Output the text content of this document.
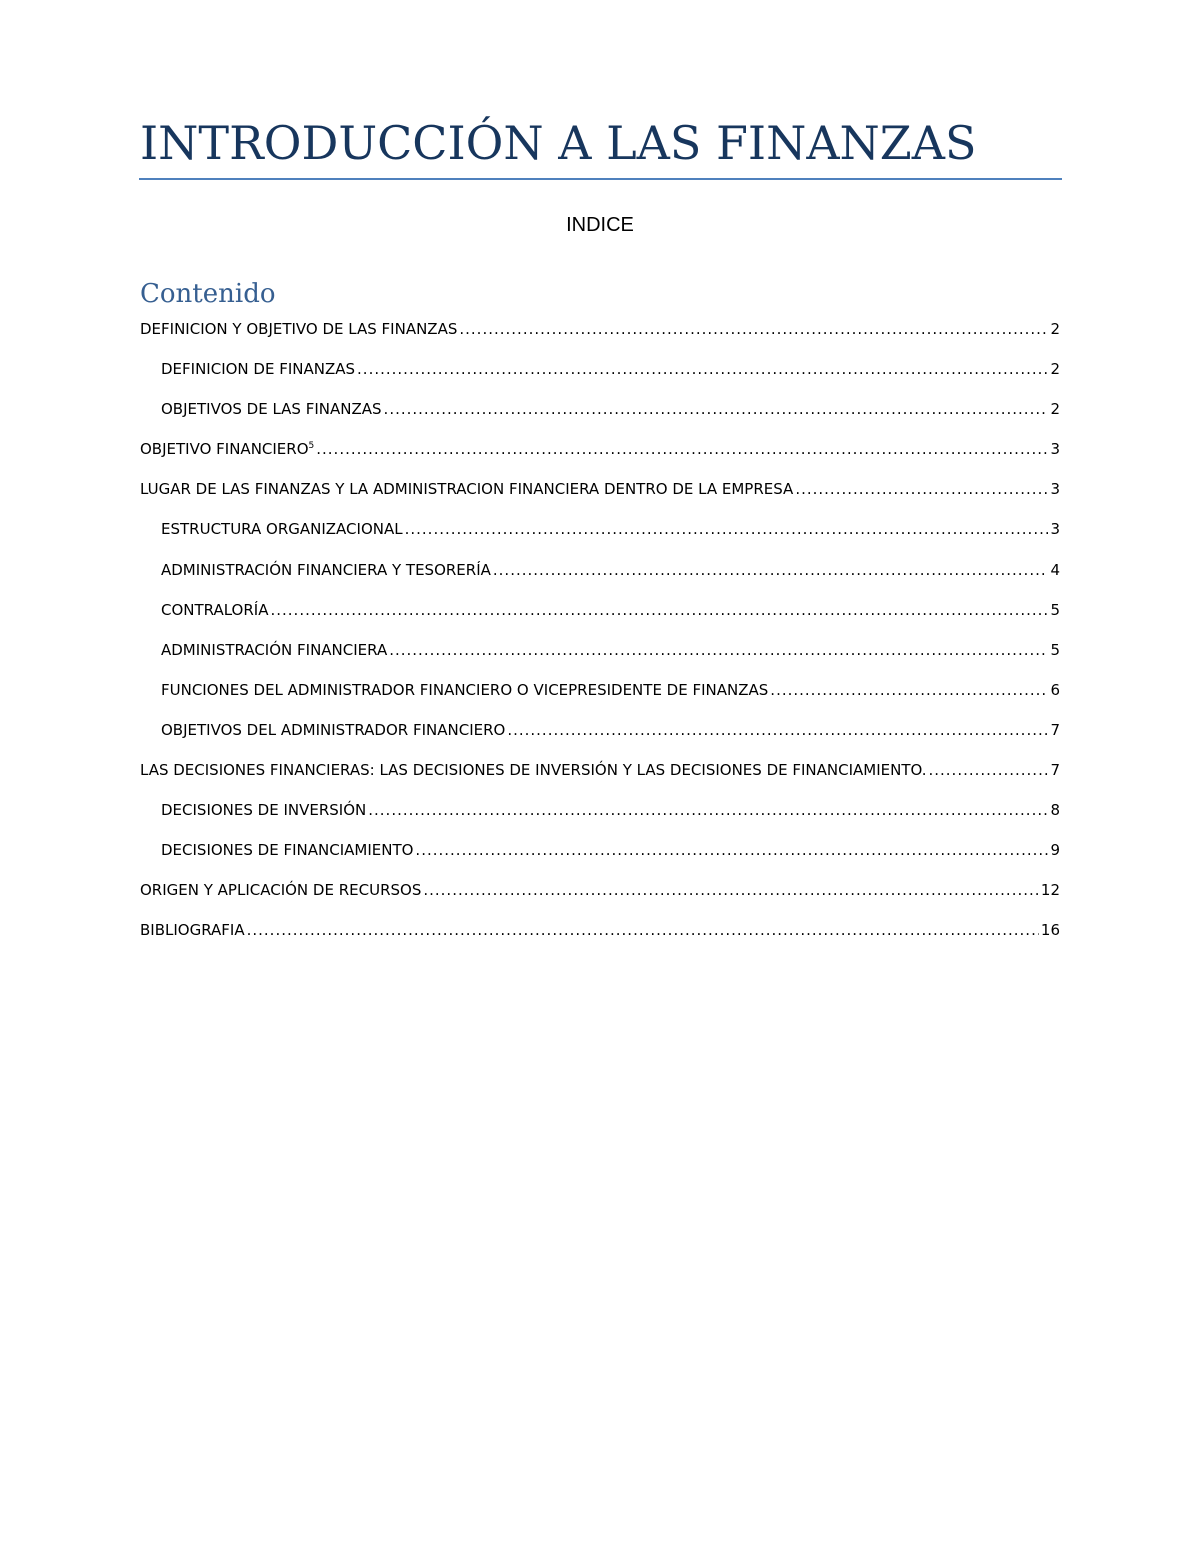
INTRODUCCIÓN A LAS FINANZAS
INDICE
Contenido
DEFINICION Y OBJETIVO DE LAS FINANZAS .....	2
DEFINICION DE FINANZAS .....	2
OBJETIVOS DE LAS FINANZAS .....	2
OBJETIVO FINANCIERO$^5$ .....	3
LUGAR DE LAS FINANZAS Y LA ADMINISTRACION FINANCIERA DENTRO DE LA EMPRESA .....	3
ESTRUCTURA ORGANIZACIONAL .....	3
ADMINISTRACIÓN FINANCIERA Y TESORERÍA .....	4
CONTRALORÍA .....	5
ADMINISTRACIÓN FINANCIERA .....	5
FUNCIONES DEL ADMINISTRADOR FINANCIERO O VICEPRESIDENTE DE FINANZAS .....	6
OBJETIVOS DEL ADMINISTRADOR FINANCIERO .....	7
LAS DECISIONES FINANCIERAS: LAS DECISIONES DE INVERSIÓN Y LAS DECISIONES DE FINANCIAMIENTO. .....	7
DECISIONES DE INVERSIÓN .....	8
DECISIONES DE FINANCIAMIENTO .....	9
ORIGEN Y APLICACIÓN DE RECURSOS .....	12
BIBLIOGRAFIA .....	16
